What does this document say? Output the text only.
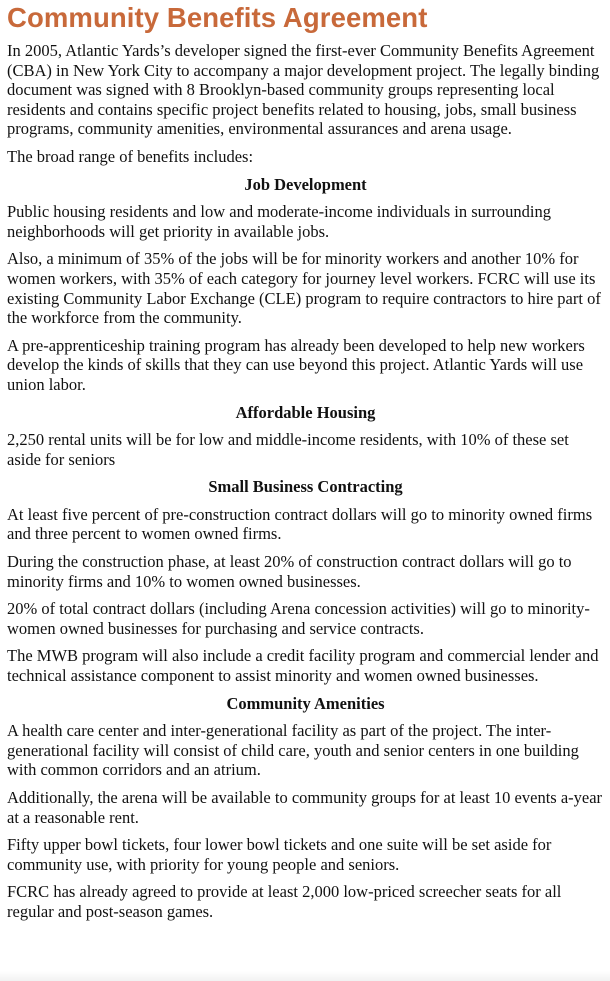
Community Benefits Agreement

In 2005, Atlantic Yards’s developer signed the first-ever Community Benefits Agreement (CBA) in New York City to accompany a major development project. The legally binding document was signed with 8 Brooklyn-based community groups representing local residents and contains specific project benefits related to housing, jobs, small business programs, community amenities, environmental assurances and arena usage.

The broad range of benefits includes:

Job Development

Public housing residents and low and moderate-income individuals in surrounding neighborhoods will get priority in available jobs.

Also, a minimum of 35% of the jobs will be for minority workers and another 10% for women workers, with 35% of each category for journey level workers. FCRC will use its existing Community Labor Exchange (CLE) program to require contractors to hire part of the workforce from the community.

A pre-apprenticeship training program has already been developed to help new workers develop the kinds of skills that they can use beyond this project. Atlantic Yards will use union labor.

Affordable Housing

2,250 rental units will be for low and middle-income residents, with 10% of these set aside for seniors

Small Business Contracting

At least five percent of pre-construction contract dollars will go to minority owned firms and three percent to women owned firms.

During the construction phase, at least 20% of construction contract dollars will go to minority firms and 10% to women owned businesses.

20% of total contract dollars (including Arena concession activities) will go to minority-women owned businesses for purchasing and service contracts.

The MWB program will also include a credit facility program and commercial lender and technical assistance component to assist minority and women owned businesses.

Community Amenities

A health care center and inter-generational facility as part of the project. The inter-generational facility will consist of child care, youth and senior centers in one building with common corridors and an atrium.

Additionally, the arena will be available to community groups for at least 10 events a-year at a reasonable rent.

Fifty upper bowl tickets, four lower bowl tickets and one suite will be set aside for community use, with priority for young people and seniors.

FCRC has already agreed to provide at least 2,000 low-priced screecher seats for all regular and post-season games.
